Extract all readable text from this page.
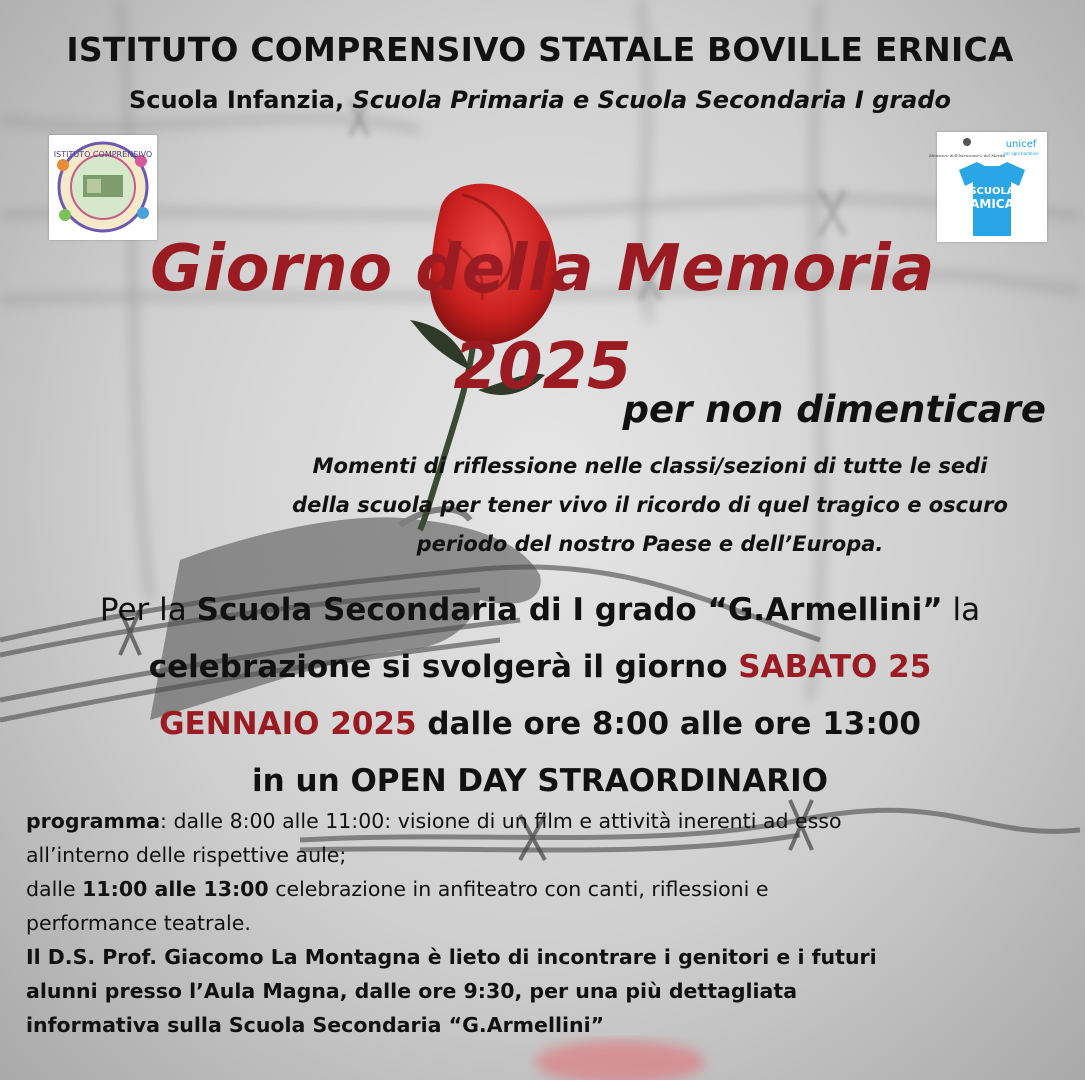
ISTITUTO COMPRENSIVO STATALE BOVILLE ERNICA
Scuola Infanzia, Scuola Primaria e Scuola Secondaria I grado
ISTITUTO COMPRENSIVO	Ministero dell'Istruzione e del Merito
unicef
per ogni bambino
SCUOLA
AMICA
Giorno della Memoria
2025
per non dimenticare
Momenti di riflessione nelle classi/sezioni di tutte le sedi
della scuola per tener vivo il ricordo di quel tragico e oscuro
periodo del nostro Paese e dell’Europa.
Per la Scuola Secondaria di I grado “G.Armellini” la
celebrazione si svolgerà il giorno SABATO 25
GENNAIO 2025 dalle ore 8:00 alle ore 13:00
in un OPEN DAY STRAORDINARIO
programma: dalle 8:00 alle 11:00: visione di un film e attività inerenti ad esso
all’interno delle rispettive aule;
dalle 11:00 alle 13:00 celebrazione in anfiteatro con canti, riflessioni e
performance teatrale.
Il D.S. Prof. Giacomo La Montagna è lieto di incontrare i genitori e i futuri
alunni presso l’Aula Magna, dalle ore 9:30, per una più dettagliata
informativa sulla Scuola Secondaria “G.Armellini”
